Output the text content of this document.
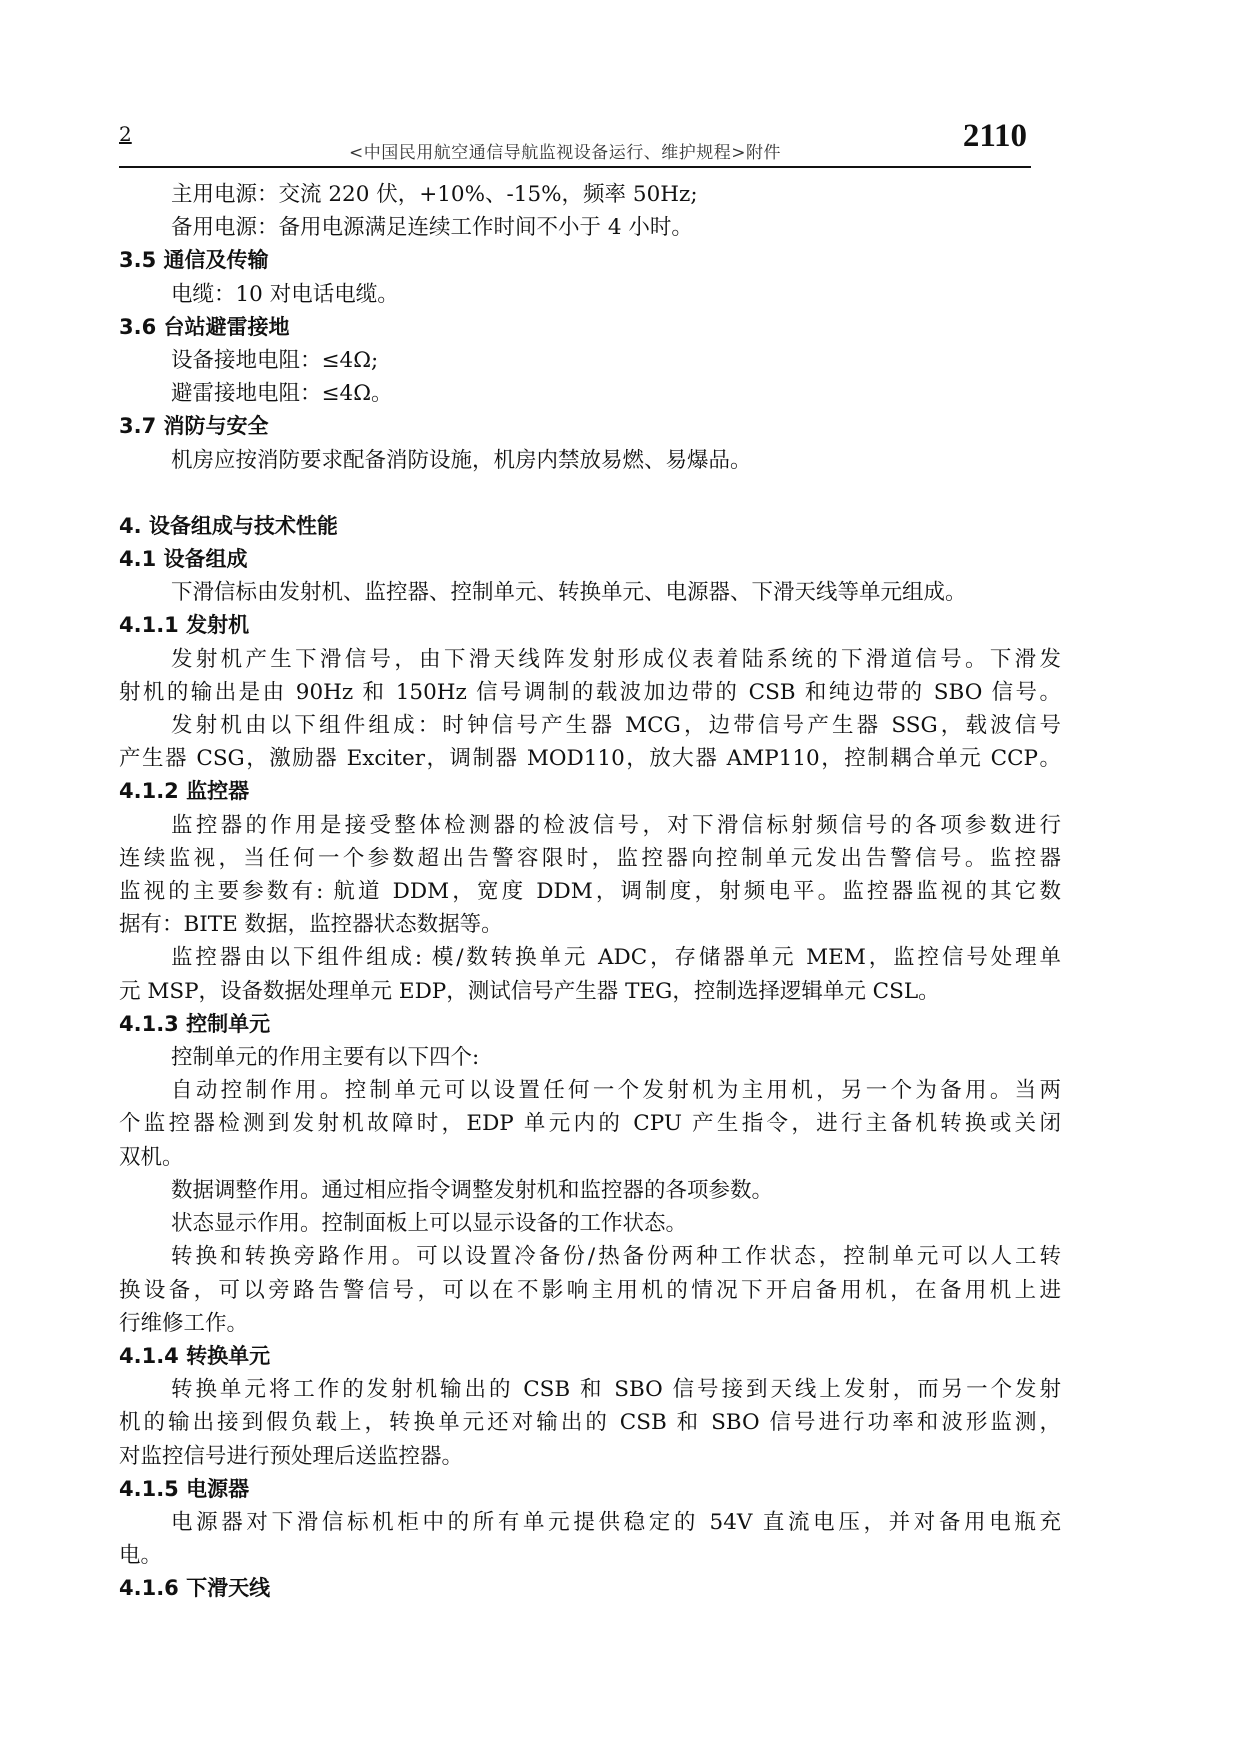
2
<中国民用航空通信导航监视设备运行、维护规程>附件	2110
主用电源：交流 220 伏，+10%、-15%，频率 50Hz;
备用电源：备用电源满足连续工作时间不小于 4 小时。
3.5 通信及传输
电缆：10 对电话电缆。
3.6 台站避雷接地
设备接地电阻：≤4Ω;
避雷接地电阻：≤4Ω。
3.7 消防与安全
机房应按消防要求配备消防设施，机房内禁放易燃、易爆品。
4. 设备组成与技术性能
4.1 设备组成
下滑信标由发射机、监控器、控制单元、转换单元、电源器、下滑天线等单元组成。
4.1.1 发射机
发射机产生下滑信号，由下滑天线阵发射形成仪表着陆系统的下滑道信号。下滑发
射机的输出是由 90Hz 和 150Hz 信号调制的载波加边带的 CSB 和纯边带的 SBO 信号。
发射机由以下组件组成：时钟信号产生器 MCG，边带信号产生器 SSG，载波信号
产生器 CSG，激励器 Exciter，调制器 MOD110，放大器 AMP110，控制耦合单元 CCP。
4.1.2 监控器
监控器的作用是接受整体检测器的检波信号，对下滑信标射频信号的各项参数进行
连续监视，当任何一个参数超出告警容限时，监控器向控制单元发出告警信号。监控器
监视的主要参数有: 航道 DDM，宽度 DDM，调制度，射频电平。监控器监视的其它数
据有：BITE 数据，监控器状态数据等。
监控器由以下组件组成: 模/数转换单元 ADC，存储器单元 MEM，监控信号处理单
元 MSP，设备数据处理单元 EDP，测试信号产生器 TEG，控制选择逻辑单元 CSL。
4.1.3 控制单元
控制单元的作用主要有以下四个:
自动控制作用。控制单元可以设置任何一个发射机为主用机，另一个为备用。当两
个监控器检测到发射机故障时，EDP 单元内的 CPU 产生指令，进行主备机转换或关闭
双机。
数据调整作用。通过相应指令调整发射机和监控器的各项参数。
状态显示作用。控制面板上可以显示设备的工作状态。
转换和转换旁路作用。可以设置冷备份/热备份两种工作状态，控制单元可以人工转
换设备，可以旁路告警信号，可以在不影响主用机的情况下开启备用机，在备用机上进
行维修工作。
4.1.4 转换单元
转换单元将工作的发射机输出的 CSB 和 SBO 信号接到天线上发射，而另一个发射
机的输出接到假负载上，转换单元还对输出的 CSB 和 SBO 信号进行功率和波形监测，
对监控信号进行预处理后送监控器。
4.1.5 电源器
电源器对下滑信标机柜中的所有单元提供稳定的 54V 直流电压，并对备用电瓶充
电。
4.1.6 下滑天线
